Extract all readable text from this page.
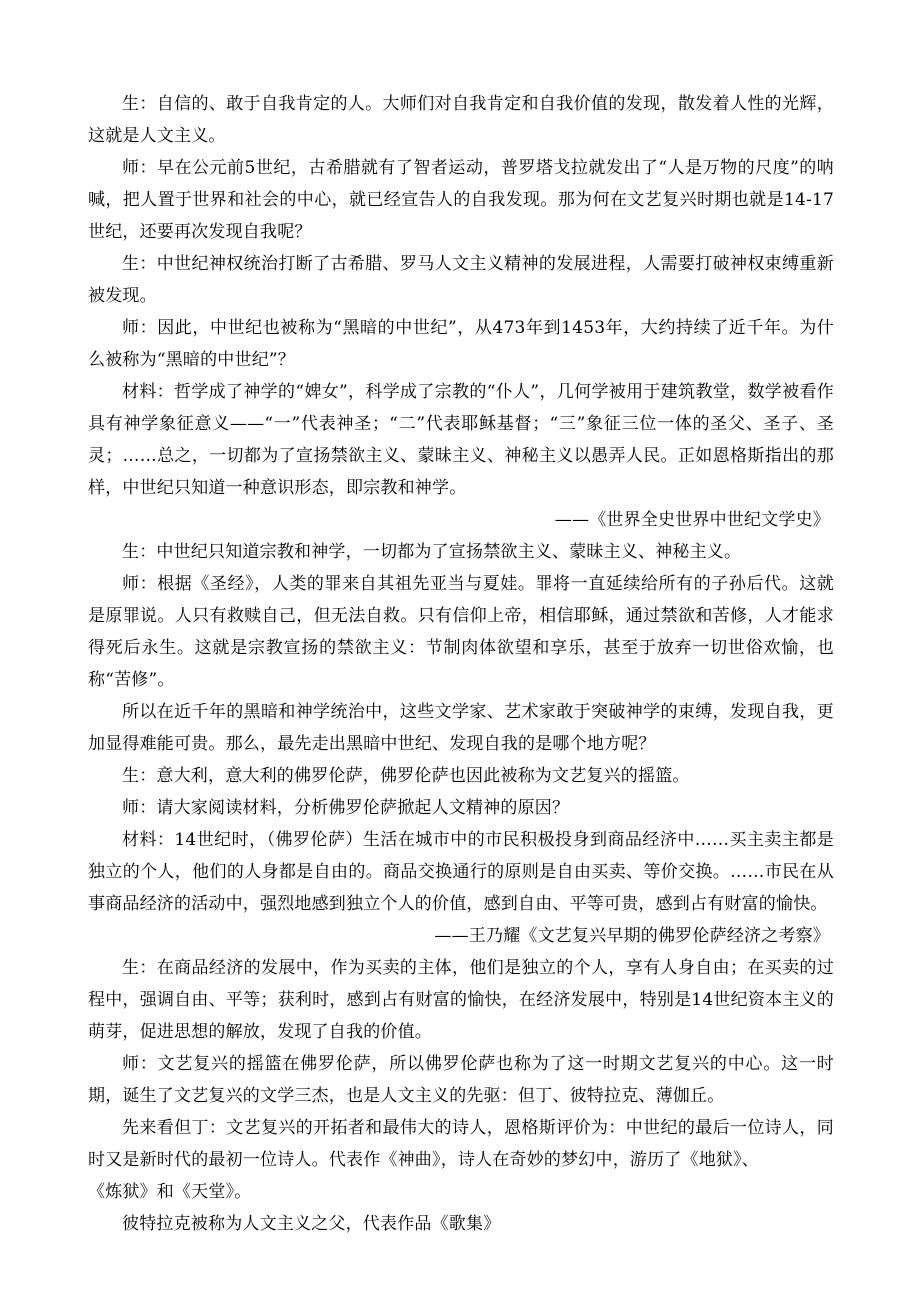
生：自信的、敢于自我肯定的人。大师们对自我肯定和自我价值的发现，散发着人性的光辉，这就是人文主义。

师：早在公元前5世纪，古希腊就有了智者运动，普罗塔戈拉就发出了“人是万物的尺度”的呐喊，把人置于世界和社会的中心，就已经宣告人的自我发现。那为何在文艺复兴时期也就是14-17世纪，还要再次发现自我呢？

生：中世纪神权统治打断了古希腊、罗马人文主义精神的发展进程，人需要打破神权束缚重新被发现。

师：因此，中世纪也被称为“黑暗的中世纪”，从473年到1453年，大约持续了近千年。为什么被称为“黑暗的中世纪”？

材料：哲学成了神学的“婢女”，科学成了宗教的“仆人”，几何学被用于建筑教堂，数学被看作具有神学象征意义——“一”代表神圣；“二”代表耶稣基督；“三”象征三位一体的圣父、圣子、圣灵；……总之，一切都为了宣扬禁欲主义、蒙昧主义、神秘主义以愚弄人民。正如恩格斯指出的那样，中世纪只知道一种意识形态，即宗教和神学。

——《世界全史世界中世纪文学史》

生：中世纪只知道宗教和神学，一切都为了宣扬禁欲主义、蒙昧主义、神秘主义。

师：根据《圣经》，人类的罪来自其祖先亚当与夏娃。罪将一直延续给所有的子孙后代。这就是原罪说。人只有救赎自己，但无法自救。只有信仰上帝，相信耶稣，通过禁欲和苦修，人才能求得死后永生。这就是宗教宣扬的禁欲主义：节制肉体欲望和享乐，甚至于放弃一切世俗欢愉，也称“苦修”。

所以在近千年的黑暗和神学统治中，这些文学家、艺术家敢于突破神学的束缚，发现自我，更加显得难能可贵。那么，最先走出黑暗中世纪、发现自我的是哪个地方呢？

生：意大利，意大利的佛罗伦萨，佛罗伦萨也因此被称为文艺复兴的摇篮。

师：请大家阅读材料，分析佛罗伦萨掀起人文精神的原因？

材料：14世纪时，（佛罗伦萨）生活在城市中的市民积极投身到商品经济中……买主卖主都是独立的个人，他们的人身都是自由的。商品交换通行的原则是自由买卖、等价交换。……市民在从事商品经济的活动中，强烈地感到独立个人的价值，感到自由、平等可贵，感到占有财富的愉快。

——王乃耀《文艺复兴早期的佛罗伦萨经济之考察》

生：在商品经济的发展中，作为买卖的主体，他们是独立的个人，享有人身自由；在买卖的过程中，强调自由、平等；获利时，感到占有财富的愉快，在经济发展中，特别是14世纪资本主义的萌芽，促进思想的解放，发现了自我的价值。

师：文艺复兴的摇篮在佛罗伦萨，所以佛罗伦萨也称为了这一时期文艺复兴的中心。这一时期，诞生了文艺复兴的文学三杰，也是人文主义的先驱：但丁、彼特拉克、薄伽丘。

先来看但丁：文艺复兴的开拓者和最伟大的诗人，恩格斯评价为：中世纪的最后一位诗人，同时又是新时代的最初一位诗人。代表作《神曲》，诗人在奇妙的梦幻中，游历了《地狱》、

《炼狱》和《天堂》。

彼特拉克被称为人文主义之父，代表作品《歌集》
